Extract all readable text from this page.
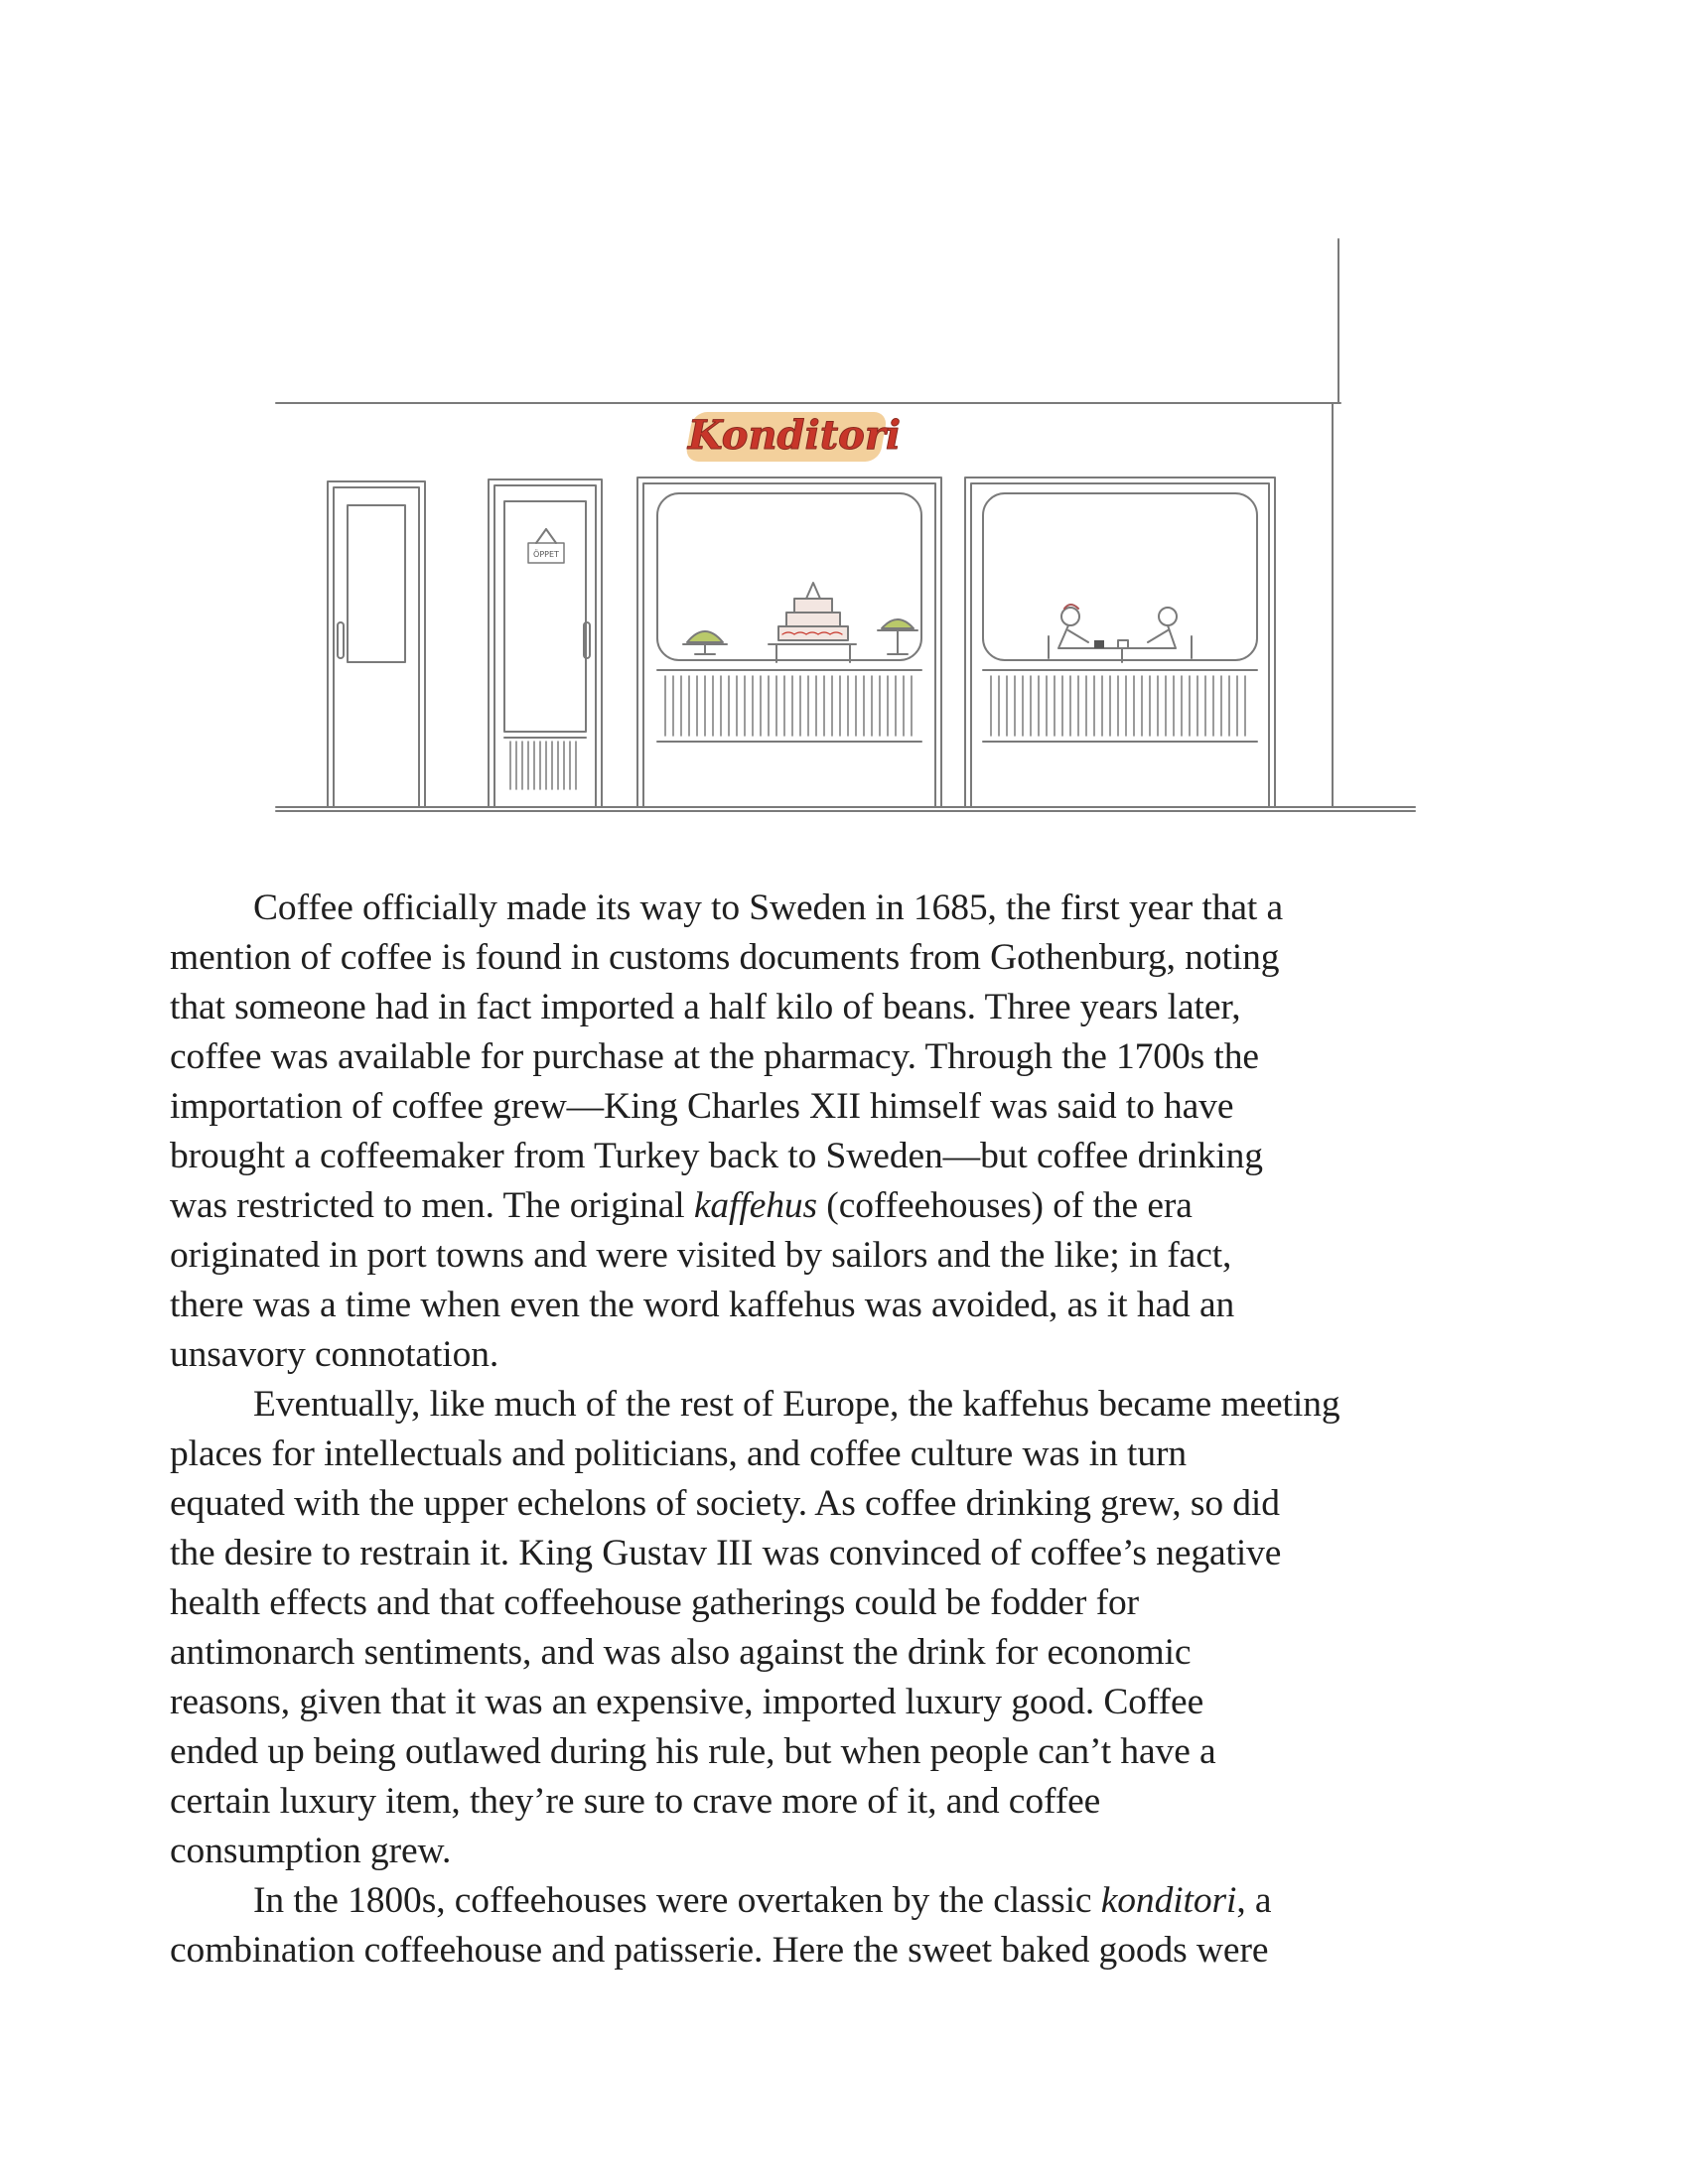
Konditori
ÖPPET

Coffee officially made its way to Sweden in 1685, the first year that a
mention of coffee is found in customs documents from Gothenburg, noting
that someone had in fact imported a half kilo of beans. Three years later,
coffee was available for purchase at the pharmacy. Through the 1700s the
importation of coffee grew—King Charles XII himself was said to have
brought a coffeemaker from Turkey back to Sweden—but coffee drinking
was restricted to men. The original kaffehus (coffeehouses) of the era
originated in port towns and were visited by sailors and the like; in fact,
there was a time when even the word kaffehus was avoided, as it had an
unsavory connotation.

Eventually, like much of the rest of Europe, the kaffehus became meeting
places for intellectuals and politicians, and coffee culture was in turn
equated with the upper echelons of society. As coffee drinking grew, so did
the desire to restrain it. King Gustav III was convinced of coffee’s negative
health effects and that coffeehouse gatherings could be fodder for
antimonarch sentiments, and was also against the drink for economic
reasons, given that it was an expensive, imported luxury good. Coffee
ended up being outlawed during his rule, but when people can’t have a
certain luxury item, they’re sure to crave more of it, and coffee
consumption grew.

In the 1800s, coffeehouses were overtaken by the classic konditori, a
combination coffeehouse and patisserie. Here the sweet baked goods were
